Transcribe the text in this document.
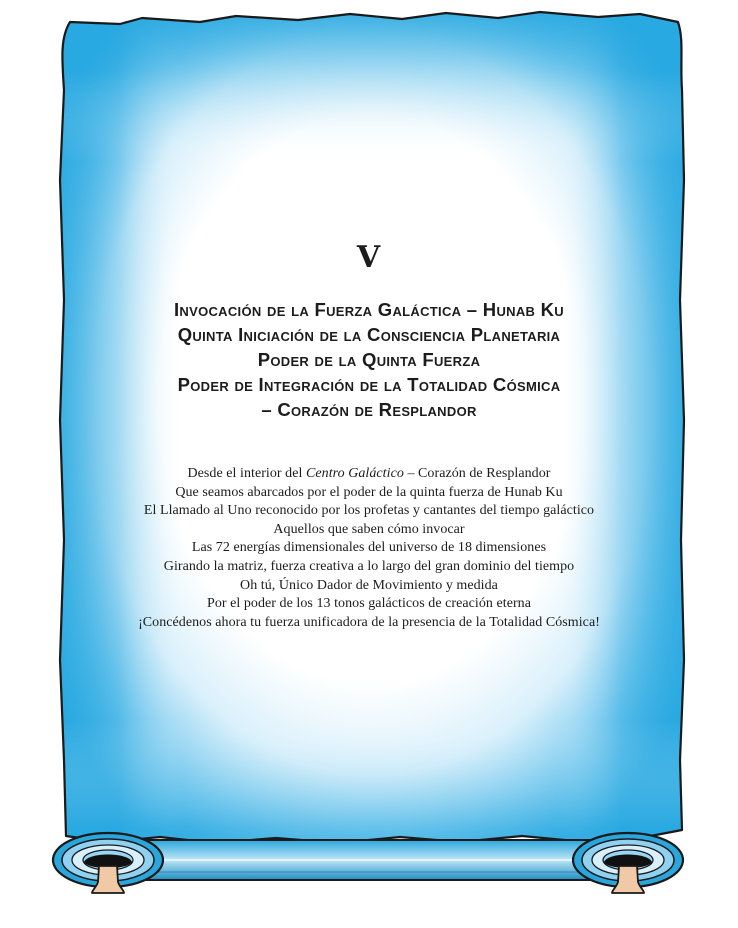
V
Invocación de la Fuerza Galáctica – Hunab Ku
Quinta Iniciación de la Consciencia Planetaria
Poder de la Quinta Fuerza
Poder de Integración de la Totalidad Cósmica
– Corazón de Resplandor
Desde el interior del Centro Galáctico – Corazón de Resplandor
Que seamos abarcados por el poder de la quinta fuerza de Hunab Ku
El Llamado al Uno reconocido por los profetas y cantantes del tiempo galáctico
Aquellos que saben cómo invocar
Las 72 energías dimensionales del universo de 18 dimensiones
Girando la matriz, fuerza creativa a lo largo del gran dominio del tiempo
Oh tú, Único Dador de Movimiento y medida
Por el poder de los 13 tonos galácticos de creación eterna
¡Concédenos ahora tu fuerza unificadora de la presencia de la Totalidad Cósmica!
